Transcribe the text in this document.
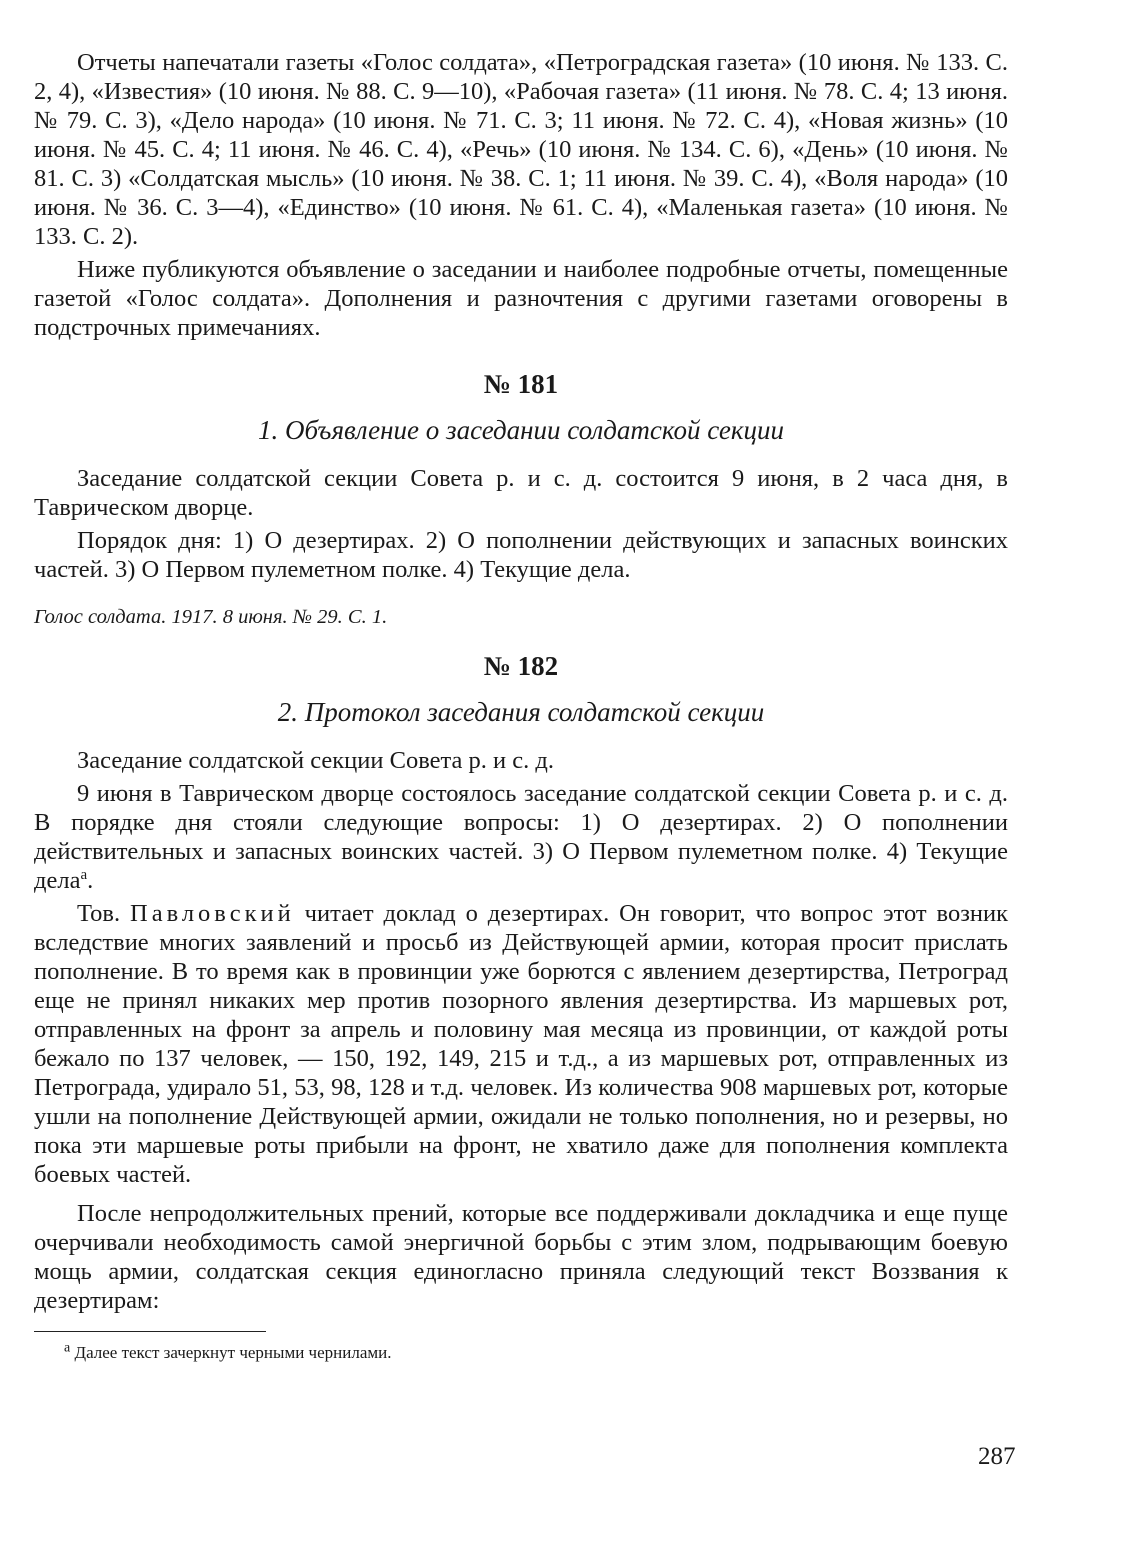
Отчеты напечатали газеты «Голос солдата», «Петроградская газета» (10 июня. № 133. С. 2, 4), «Известия» (10 июня. № 88. С. 9—10), «Рабочая газета» (11 июня. № 78. С. 4; 13 июня. № 79. С. 3), «Дело народа» (10 июня. № 71. С. 3; 11 июня. № 72. С. 4), «Новая жизнь» (10 июня. № 45. С. 4; 11 июня. № 46. С. 4), «Речь» (10 июня. № 134. С. 6), «День» (10 июня. № 81. С. 3) «Солдатская мысль» (10 июня. № 38. С. 1; 11 июня. № 39. С. 4), «Воля народа» (10 июня. № 36. С. 3—4), «Единство» (10 июня. № 61. С. 4), «Маленькая газета» (10 июня. № 133. С. 2).

Ниже публикуются объявление о заседании и наиболее подробные отчеты, помещенные газетой «Голос солдата». Дополнения и разночтения с другими газетами оговорены в подстрочных примечаниях.

№ 181
1. Объявление о заседании солдатской секции

Заседание солдатской секции Совета р. и с. д. состоится 9 июня, в 2 часа дня, в Таврическом дворце.

Порядок дня: 1) О дезертирах. 2) О пополнении действующих и запасных воинских частей. 3) О Первом пулеметном полке. 4) Текущие дела.

Голос солдата. 1917. 8 июня. № 29. С. 1.

№ 182
2. Протокол заседания солдатской секции

Заседание солдатской секции Совета р. и с. д.

9 июня в Таврическом дворце состоялось заседание солдатской секции Совета р. и с. д. В порядке дня стояли следующие вопросы: 1) О дезертирах. 2) О пополнении действительных и запасных воинских частей. 3) О Первом пулеметном полке. 4) Текущие дела$^а$.

Тов. Павловский читает доклад о дезертирах. Он говорит, что вопрос этот возник вследствие многих заявлений и просьб из Действующей армии, которая просит прислать пополнение. В то время как в провинции уже борются с явлением дезертирства, Петроград еще не принял никаких мер против позорного явления дезертирства. Из маршевых рот, отправленных на фронт за апрель и половину мая месяца из провинции, от каждой роты бежало по 137 человек, — 150, 192, 149, 215 и т.д., а из маршевых рот, отправленных из Петрограда, удирало 51, 53, 98, 128 и т.д. человек. Из количества 908 маршевых рот, которые ушли на пополнение Действующей армии, ожидали не только пополнения, но и резервы, но пока эти маршевые роты прибыли на фронт, не хватило даже для пополнения комплекта боевых частей.

После непродолжительных прений, которые все поддерживали докладчика и еще пуще очерчивали необходимость самой энергичной борьбы с этим злом, подрывающим боевую мощь армии, солдатская секция единогласно приняла следующий текст Воззвания к дезертирам:

$^а$ Далее текст зачеркнут черными чернилами.

287
